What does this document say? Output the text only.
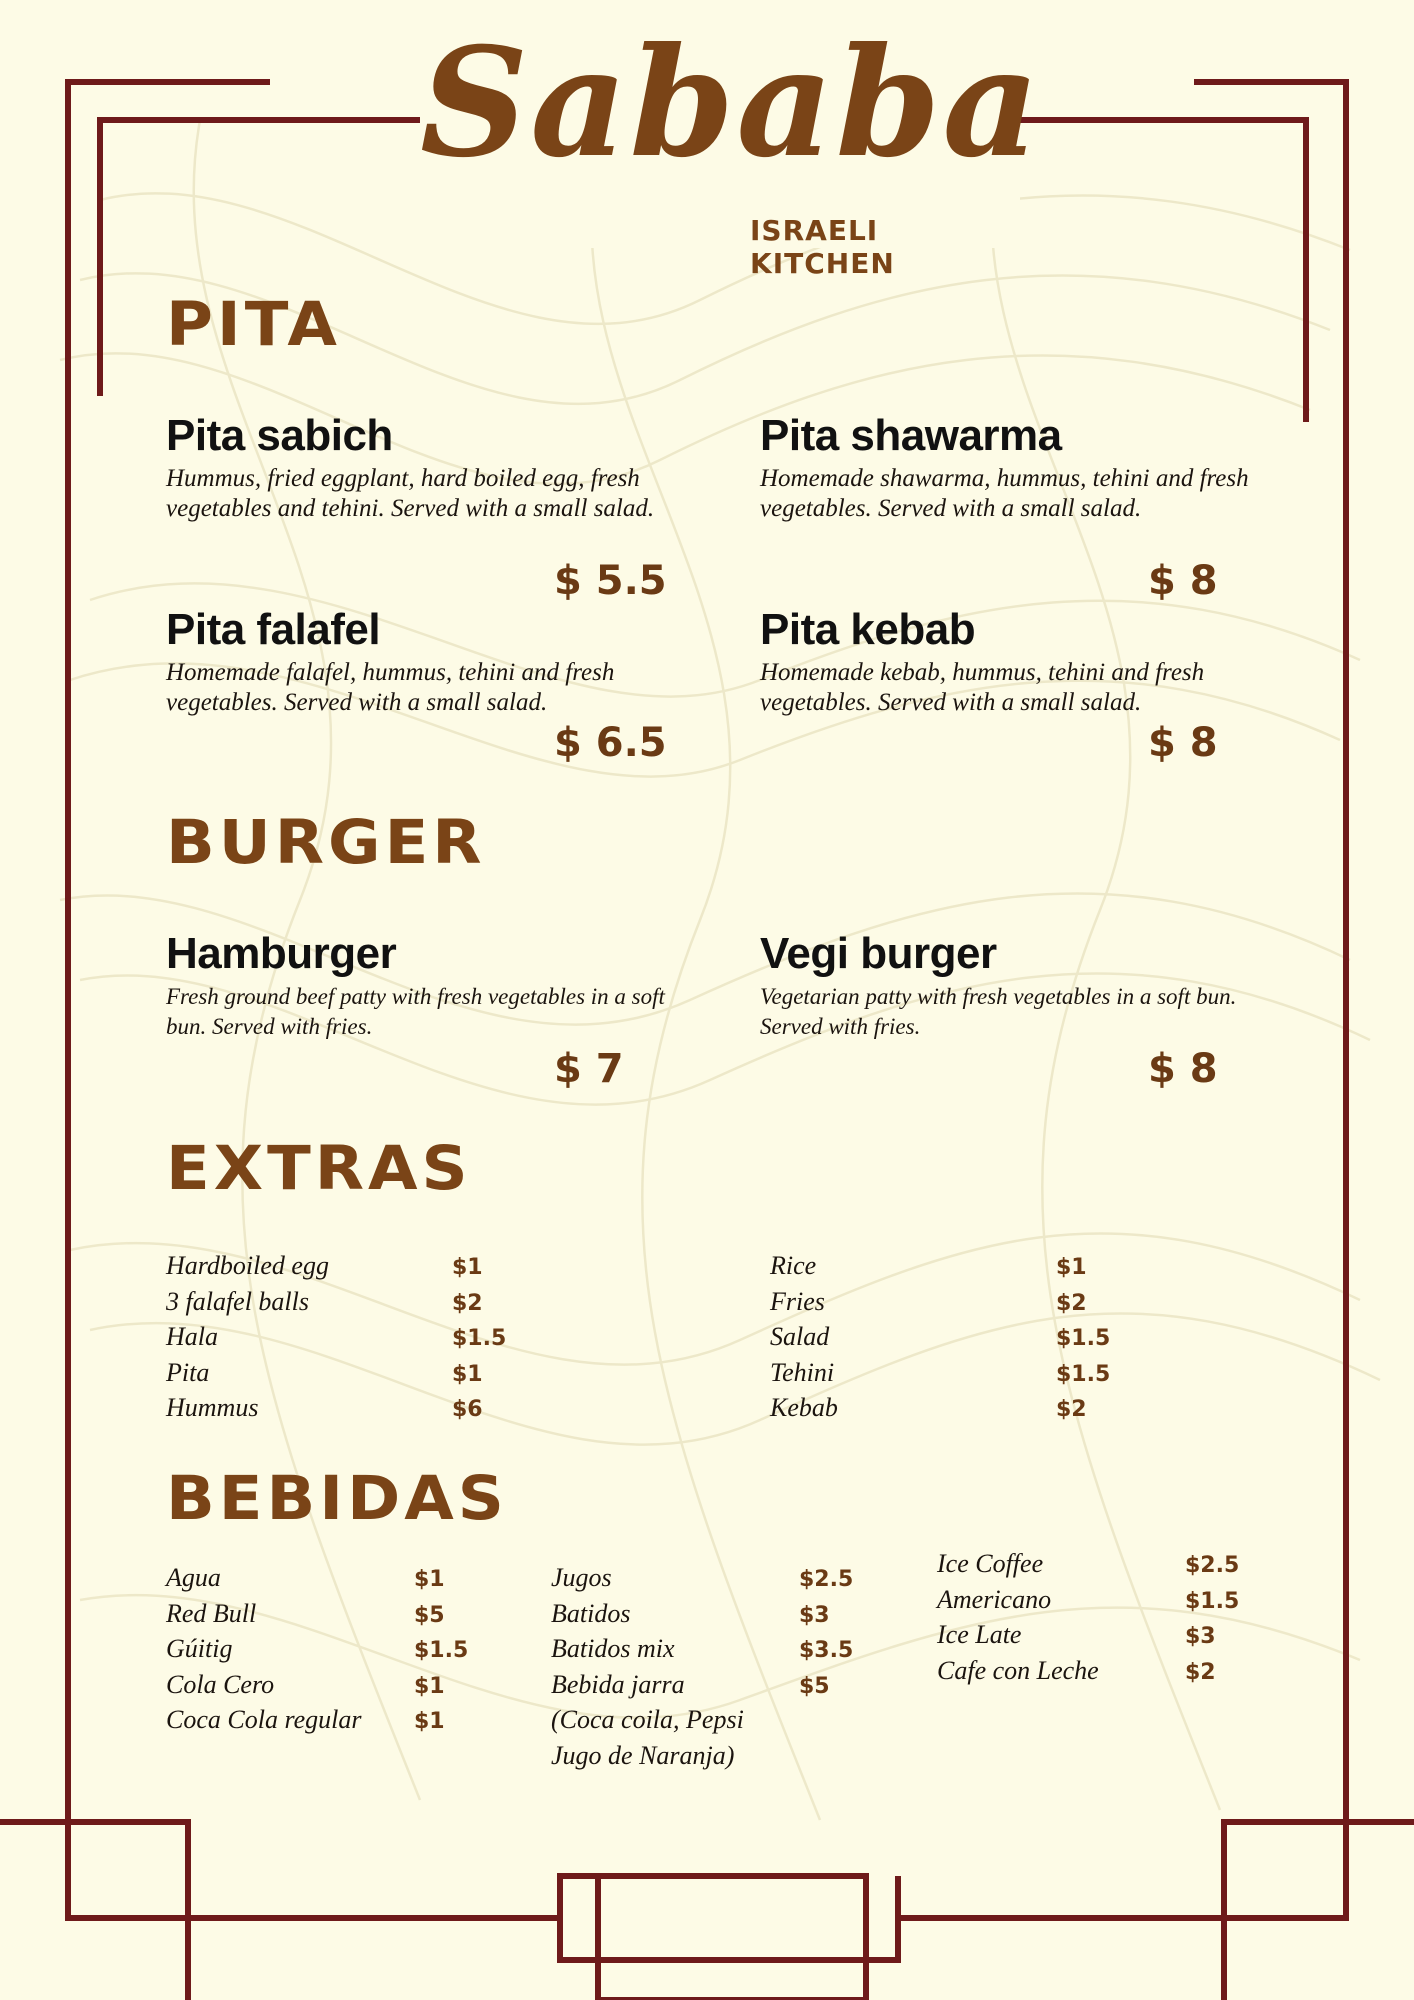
Sababa
ISRAELI KITCHEN
PITA
Pita sabich
Hummus, fried eggplant, hard boiled egg, fresh vegetables and tehini. Served with a small salad.
$ 5.5
Pita shawarma
Homemade shawarma, hummus, tehini and fresh vegetables. Served with a small salad.
$ 8
Pita falafel
Homemade falafel, hummus, tehini and fresh vegetables. Served with a small salad.
$ 6.5
Pita kebab
Homemade kebab, hummus, tehini and fresh vegetables. Served with a small salad.
$ 8
BURGER
Hamburger
Fresh ground beef patty with fresh vegetables in a soft bun. Served with fries.
$ 7
Vegi burger
Vegetarian patty with fresh vegetables in a soft bun. Served with fries.
$ 8
EXTRAS
Hardboiled egg	$1
3 falafel balls	$2
Hala	$1.5
Pita	$1
Hummus	$6
Rice	$1
Fries	$2
Salad	$1.5
Tehini	$1.5
Kebab	$2
BEBIDAS
Agua	$1
Red Bull	$5
Gúitig	$1.5
Cola Cero	$1
Coca Cola regular $1
Jugos	$2.5
Batidos	$3
Batidos mix	$3.5
Bebida jarra	$5
(Coca coila, Pepsi
Jugo de Naranja)
Ice Coffee	$2.5
Americano	$1.5
Ice Late	$3
Cafe con Leche	$2
